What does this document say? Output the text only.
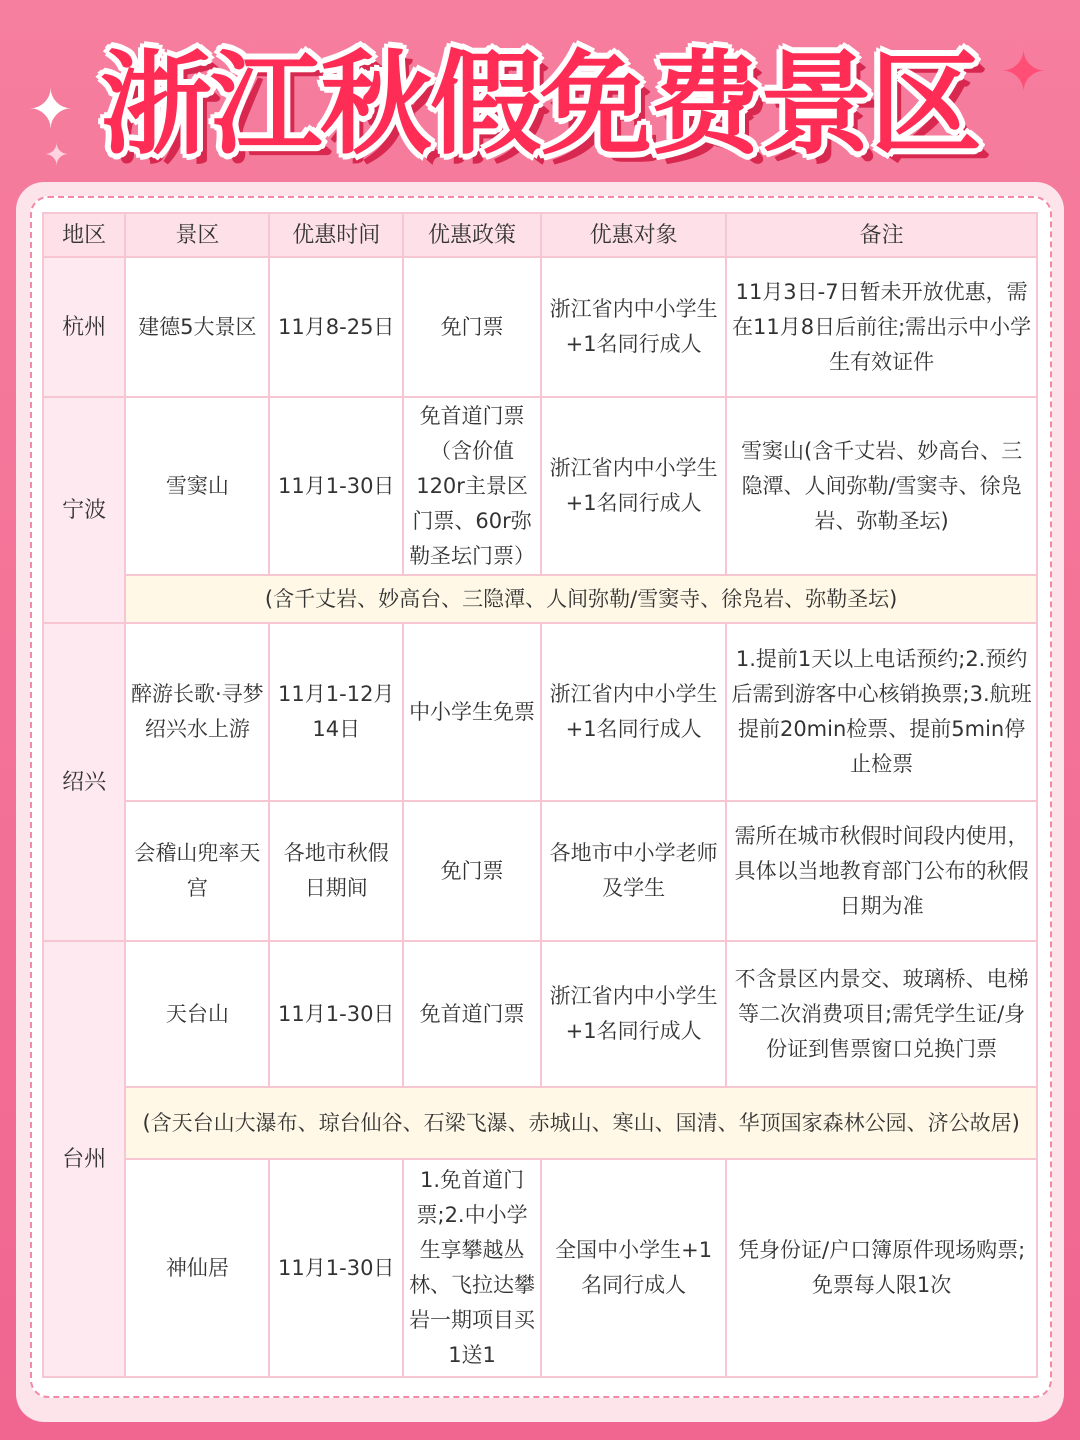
✦
✦
✦
浙江秋假免费景区
地区	景区	优惠时间	优惠政策	优惠对象	备注
杭州	建德5大景区	11月8-25日	免门票	浙江省内中小学生+1名同行成人	11月3日-7日暂未开放优惠，需在11月8日后前往;需出示中小学生有效证件
宁波	雪窦山	11月1-30日	免首道门票（含价值120r主景区门票、60r弥勒圣坛门票）	浙江省内中小学生+1名同行成人	雪窦山(含千丈岩、妙高台、三隐潭、人间弥勒/雪窦寺、徐凫岩、弥勒圣坛)
	(含千丈岩、妙高台、三隐潭、人间弥勒/雪窦寺、徐凫岩、弥勒圣坛)				
绍兴	醉游长歌·寻梦绍兴水上游	11月1-12月14日	中小学生免票	浙江省内中小学生+1名同行成人	1.提前1天以上电话预约;2.预约后需到游客中心核销换票;3.航班提前20min检票、提前5min停止检票
	会稽山兜率天宫	各地市秋假日期间	免门票	各地市中小学老师及学生	需所在城市秋假时间段内使用，具体以当地教育部门公布的秋假日期为准
台州	天台山	11月1-30日	免首道门票	浙江省内中小学生+1名同行成人	不含景区内景交、玻璃桥、电梯等二次消费项目;需凭学生证/身份证到售票窗口兑换门票
	(含天台山大瀑布、琼台仙谷、石梁飞瀑、赤城山、寒山、国清、华顶国家森林公园、济公故居)				
	神仙居	11月1-30日	1.免首道门票;2.中小学生享攀越丛林、飞拉达攀岩一期项目买1送1	全国中小学生+1名同行成人	凭身份证/户口簿原件现场购票;免票每人限1次
